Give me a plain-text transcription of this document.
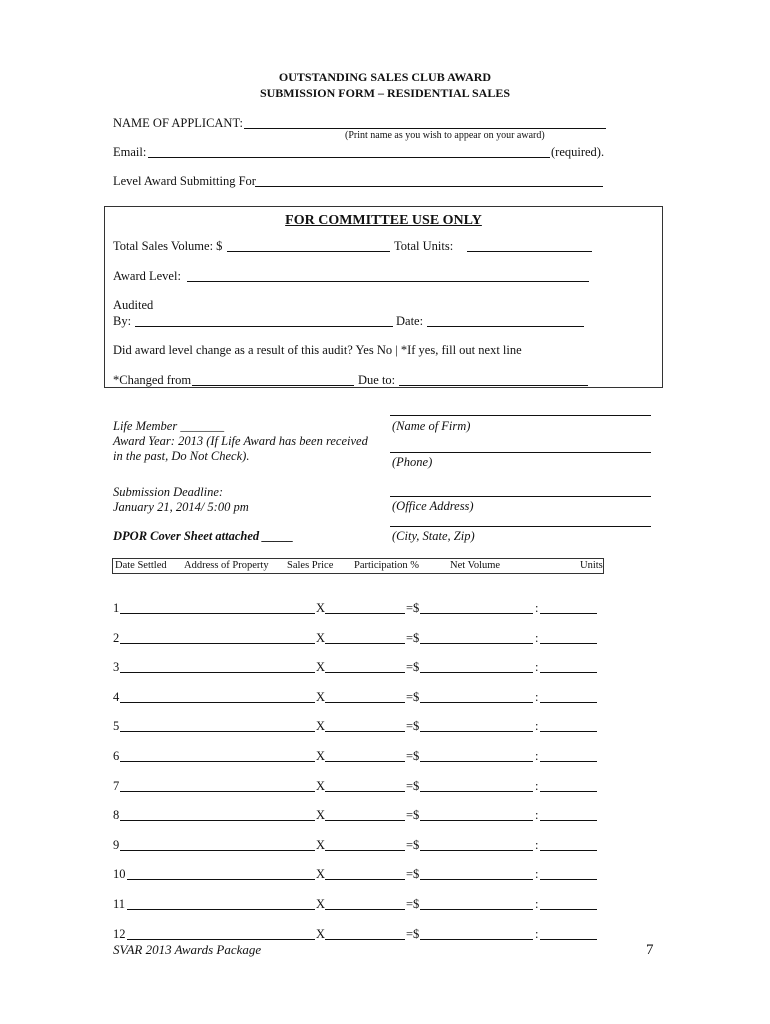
OUTSTANDING SALES CLUB AWARD
SUBMISSION FORM – RESIDENTIAL SALES
NAME OF APPLICANT:
(Print name as you wish to appear on your award)
Email:	(required).
Level Award Submitting For
FOR COMMITTEE USE ONLY
Total Sales Volume: $	Total Units:
Award Level:
Audited
By:	Date:
Did award level change as a result of this audit? Yes No | *If yes, fill out next line
*Changed from	Due to:
Life Member _______
Award Year: 2013 (If Life Award has been received
in the past, Do Not Check).
Submission Deadline:
January 21, 2014/ 5:00 pm
DPOR Cover Sheet attached _____
(Name of Firm)
(Phone)
(Office Address)
(City, State, Zip)
Date Settled Address of Property Sales Price Participation %	Net Volume	Units
1	X	=$	:
2	X	=$	:
3	X	=$	:
4	X	=$	:
5	X	=$	:
6	X	=$	:
7	X	=$	:
8	X	=$	:
9	X	=$	:
10	X	=$	:
11	X	=$	:
12	X	=$	:
SVAR 2013 Awards Package	7
